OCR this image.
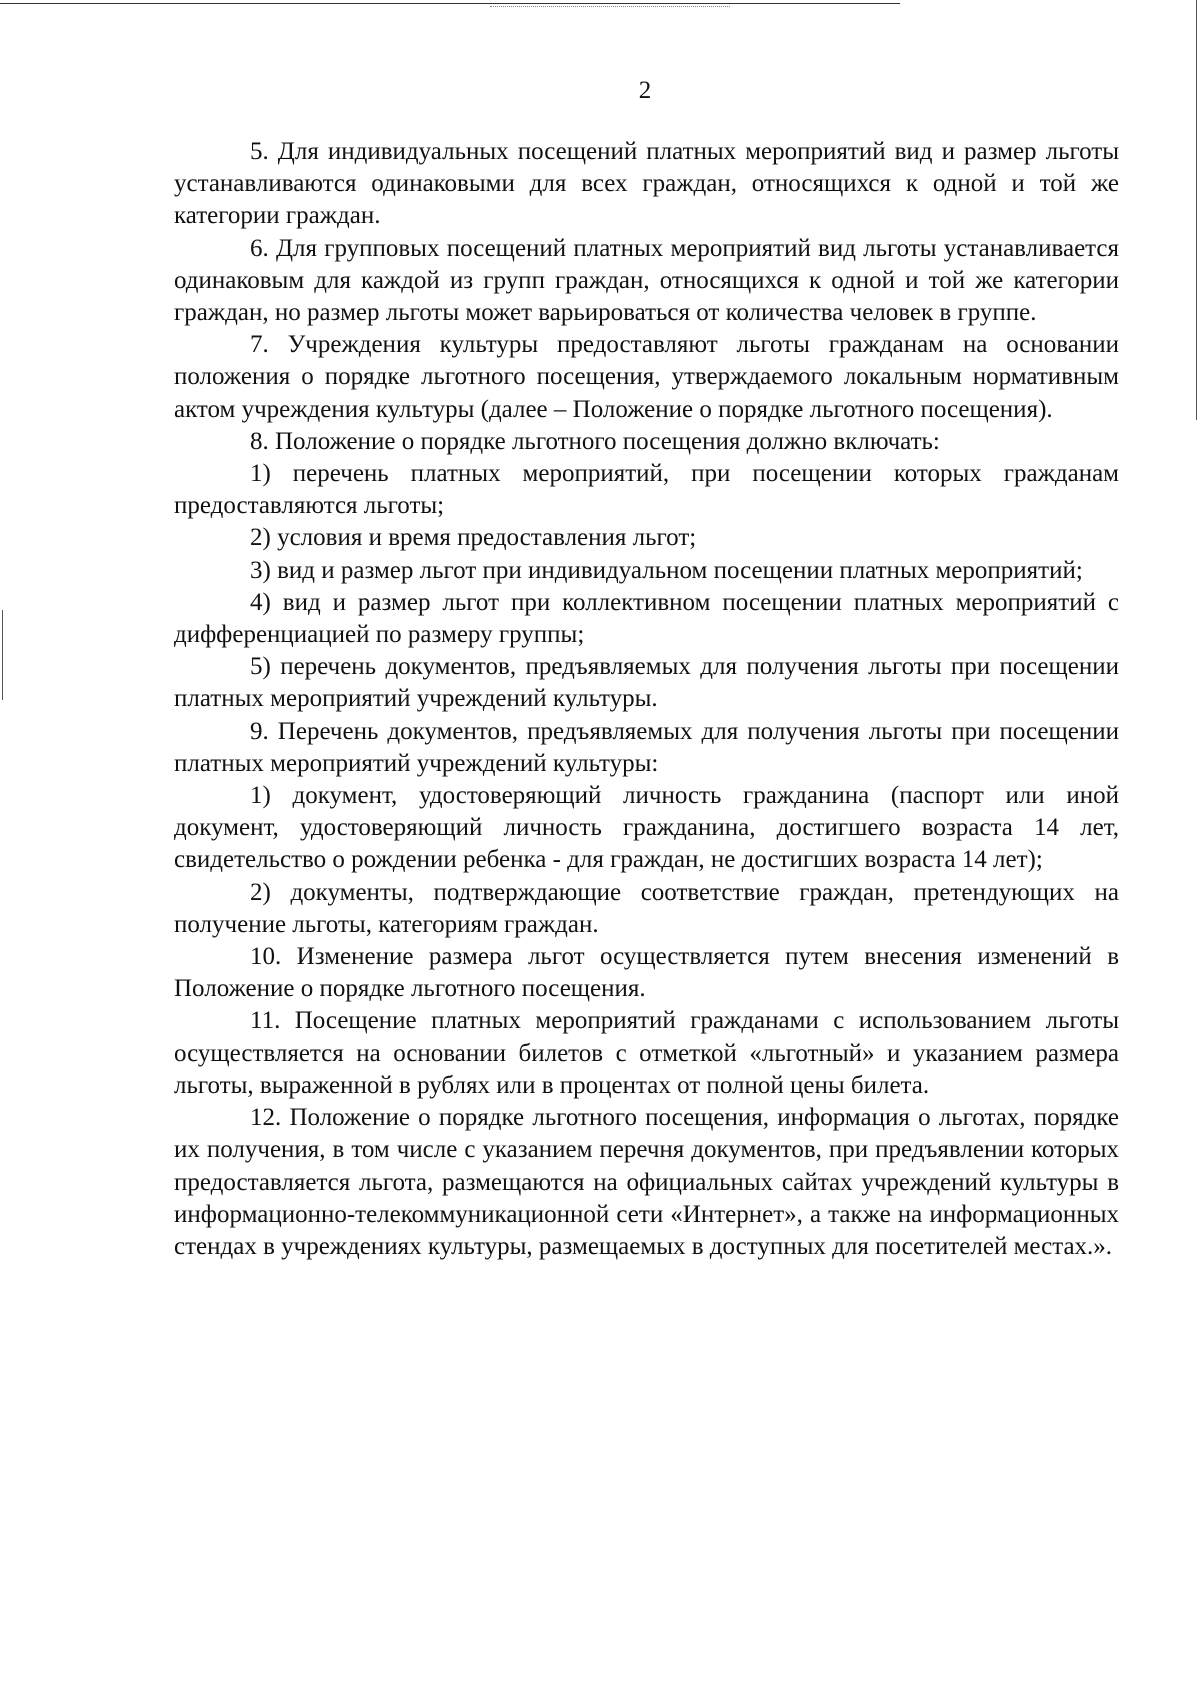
2

5. Для индивидуальных посещений платных мероприятий вид и размер льготы устанавливаются одинаковыми для всех граждан, относящихся к одной и той же категории граждан.

6. Для групповых посещений платных мероприятий вид льготы устанавливается одинаковым для каждой из групп граждан, относящихся к одной и той же категории граждан, но размер льготы может варьироваться от количества человек в группе.

7. Учреждения культуры предоставляют льготы гражданам на основании положения о порядке льготного посещения, утверждаемого локальным нормативным актом учреждения культуры (далее – Положение о порядке льготного посещения).

8. Положение о порядке льготного посещения должно включать:

1) перечень платных мероприятий, при посещении которых гражданам предоставляются льготы;

2) условия и время предоставления льгот;

3) вид и размер льгот при индивидуальном посещении платных мероприятий;

4) вид и размер льгот при коллективном посещении платных мероприятий с дифференциацией по размеру группы;

5) перечень документов, предъявляемых для получения льготы при посещении платных мероприятий учреждений культуры.

9. Перечень документов, предъявляемых для получения льготы при посещении платных мероприятий учреждений культуры:

1) документ, удостоверяющий личность гражданина (паспорт или иной документ, удостоверяющий личность гражданина, достигшего возраста 14 лет, свидетельство о рождении ребенка - для граждан, не достигших возраста 14 лет);

2) документы, подтверждающие соответствие граждан, претендующих на получение льготы, категориям граждан.

10. Изменение размера льгот осуществляется путем внесения изменений в Положение о порядке льготного посещения.

11. Посещение платных мероприятий гражданами с использованием льготы осуществляется на основании билетов с отметкой «льготный» и указанием размера льготы, выраженной в рублях или в процентах от полной цены билета.

12. Положение о порядке льготного посещения, информация о льготах, порядке их получения, в том числе с указанием перечня документов, при предъявлении которых предоставляется льгота, размещаются на официальных сайтах учреждений культуры в информационно-телекоммуникационной сети «Интернет», а также на информационных стендах в учреждениях культуры, размещаемых в доступных для посетителей местах.».
